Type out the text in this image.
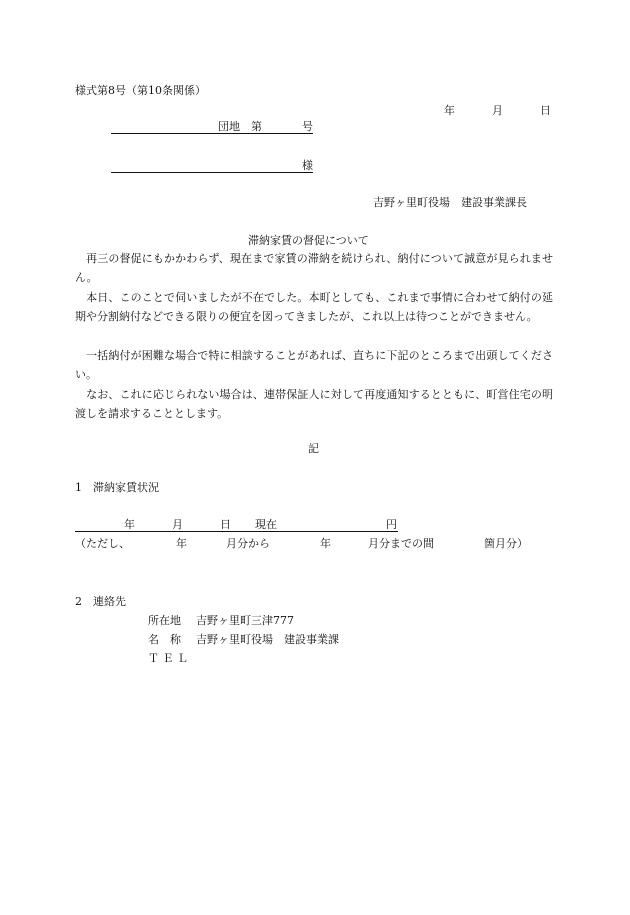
様式第8号（第10条関係）
年	月	日
団地　第	号
様
吉野ヶ里町役場　建設事業課長
滞納家賃の督促について
　再三の督促にもかかわらず、現在まで家賃の滞納を続けられ、納付について誠意が見られません。
　本日、このことで伺いましたが不在でした。本町としても、これまで事情に合わせて納付の延期や分割納付などできる限りの便宜を図ってきましたが、これ以上は待つことができません。
　一括納付が困難な場合で特に相談することがあれば、直ちに下記のところまで出頭してください。
　なお、これに応じられない場合は、連帯保証人に対して再度通知するとともに、町営住宅の明渡しを請求することとします。
記
1　滞納家賃状況
年	月	日 現在	円
（ただし、	年	月分から	年	月分までの間	箇月分）
2　連絡先
所在地 吉野ヶ里町三津777
名　称 吉野ヶ里町役場　建設事業課
Ｔ Ｅ Ｌ
